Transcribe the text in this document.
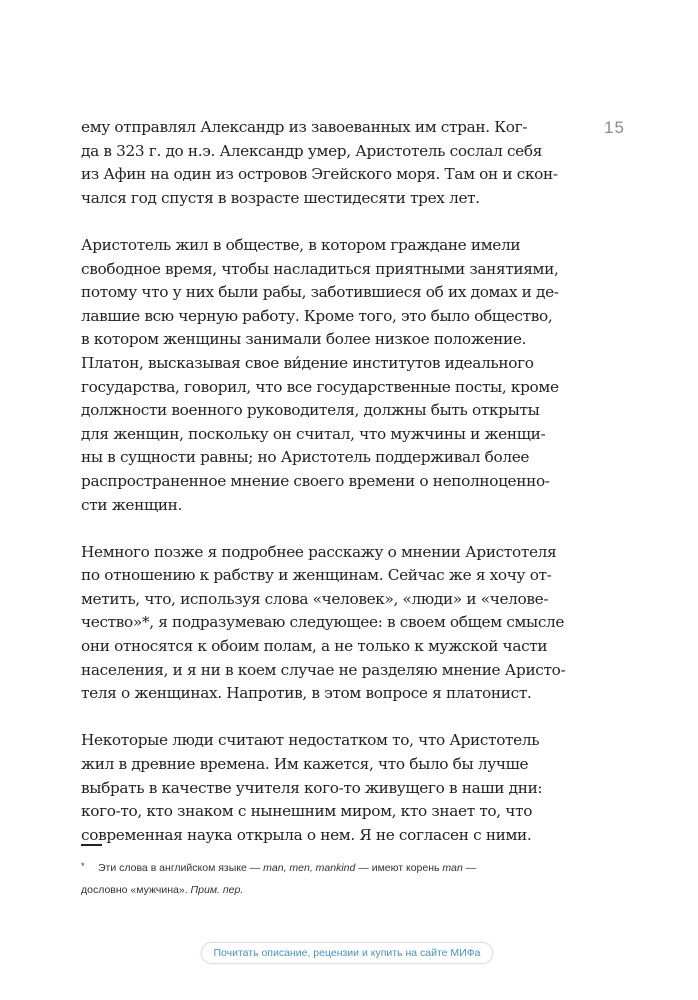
15

ему отправлял Александр из завоеванных им стран. Ког-
да в 323 г. до н.э. Александр умер, Аристотель сослал себя
из Афин на один из островов Эгейского моря. Там он и скон-
чался год спустя в возрасте шестидесяти трех лет.

Аристотель жил в обществе, в котором граждане имели
свободное время, чтобы насладиться приятными занятиями,
потому что у них были рабы, заботившиеся об их домах и де-
лавшие всю черную работу. Кроме того, это было общество,
в котором женщины занимали более низкое положение.
Платон, высказывая свое ви́дение институтов идеального
государства, говорил, что все государственные посты, кроме
должности военного руководителя, должны быть открыты
для женщин, поскольку он считал, что мужчины и женщи-
ны в сущности равны; но Аристотель поддерживал более
распространенное мнение своего времени о неполноценно-
сти женщин.

Немного позже я подробнее расскажу о мнении Аристотеля
по отношению к рабству и женщинам. Сейчас же я хочу от-
метить, что, используя слова «человек», «люди» и «челове-
чество»*, я подразумеваю следующее: в своем общем смысле
они относятся к обоим полам, а не только к мужской части
населения, и я ни в коем случае не разделяю мнение Аристо-
теля о женщинах. Напротив, в этом вопросе я платонист.

Некоторые люди считают недостатком то, что Аристотель
жил в древние времена. Им кажется, что было бы лучше
выбрать в качестве учителя кого-то живущего в наши дни:
кого-то, кто знаком с нынешним миром, кто знает то, что
современная наука открыла о нем. Я не согласен с ними.

* Эти слова в английском языке — man, men, mankind — имеют корень man —
дословно «мужчина». Прим. пер.
Почитать описание, рецензии и купить на сайте МИФа
